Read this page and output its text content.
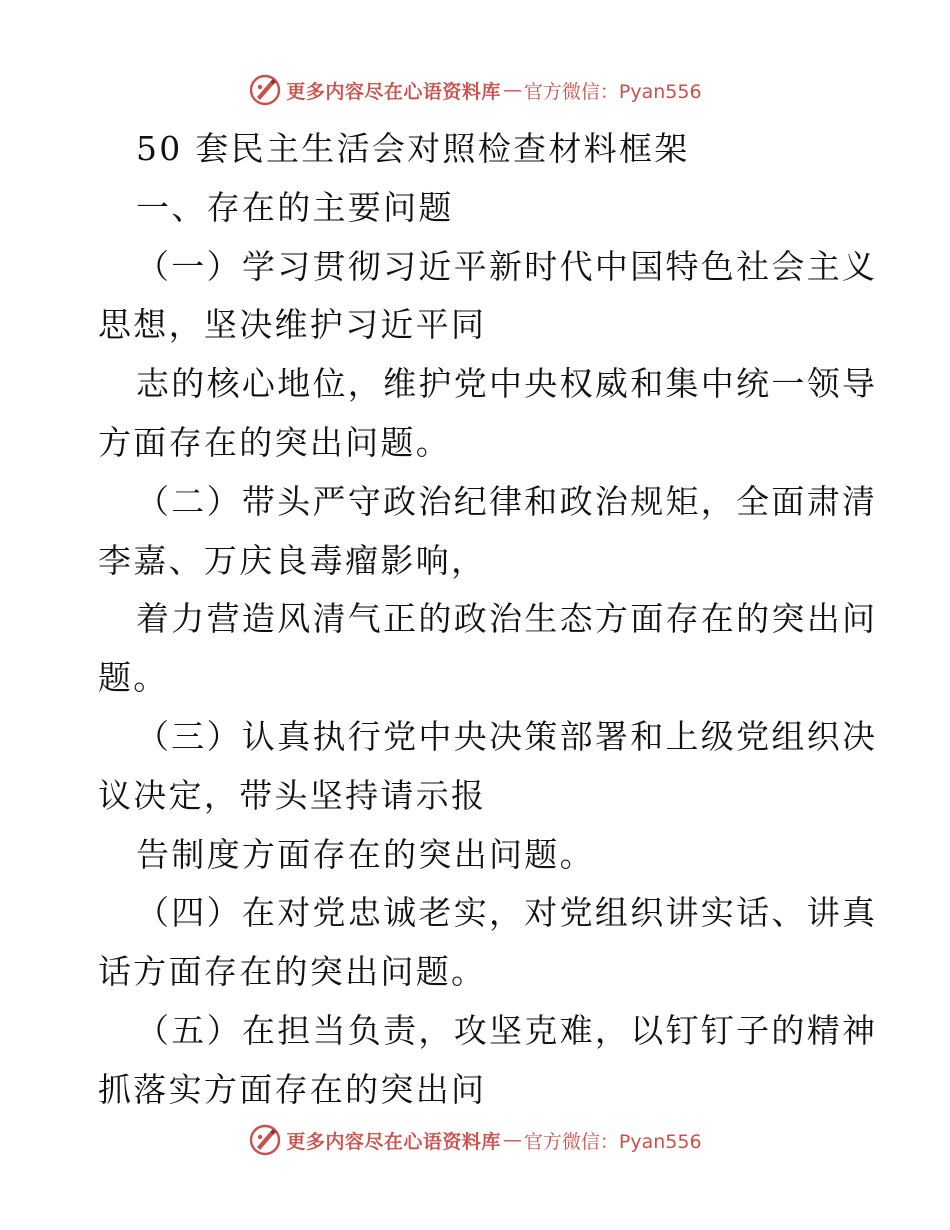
更多内容尽在心语资料库 — 官方微信：Pyan556
50 套民主生活会对照检查材料框架
一、存在的主要问题
（一）学习贯彻习近平新时代中国特色社会主义
思想，坚决维护习近平同
志的核心地位，维护党中央权威和集中统一领导
方面存在的突出问题。
（二）带头严守政治纪律和政治规矩，全面肃清
李嘉、万庆良毒瘤影响，
着力营造风清气正的政治生态方面存在的突出问
题。
（三）认真执行党中央决策部署和上级党组织决
议决定，带头坚持请示报
告制度方面存在的突出问题。
（四）在对党忠诚老实，对党组织讲实话、讲真
话方面存在的突出问题。
（五）在担当负责，攻坚克难，以钉钉子的精神
抓落实方面存在的突出问
更多内容尽在心语资料库 — 官方微信：Pyan556
